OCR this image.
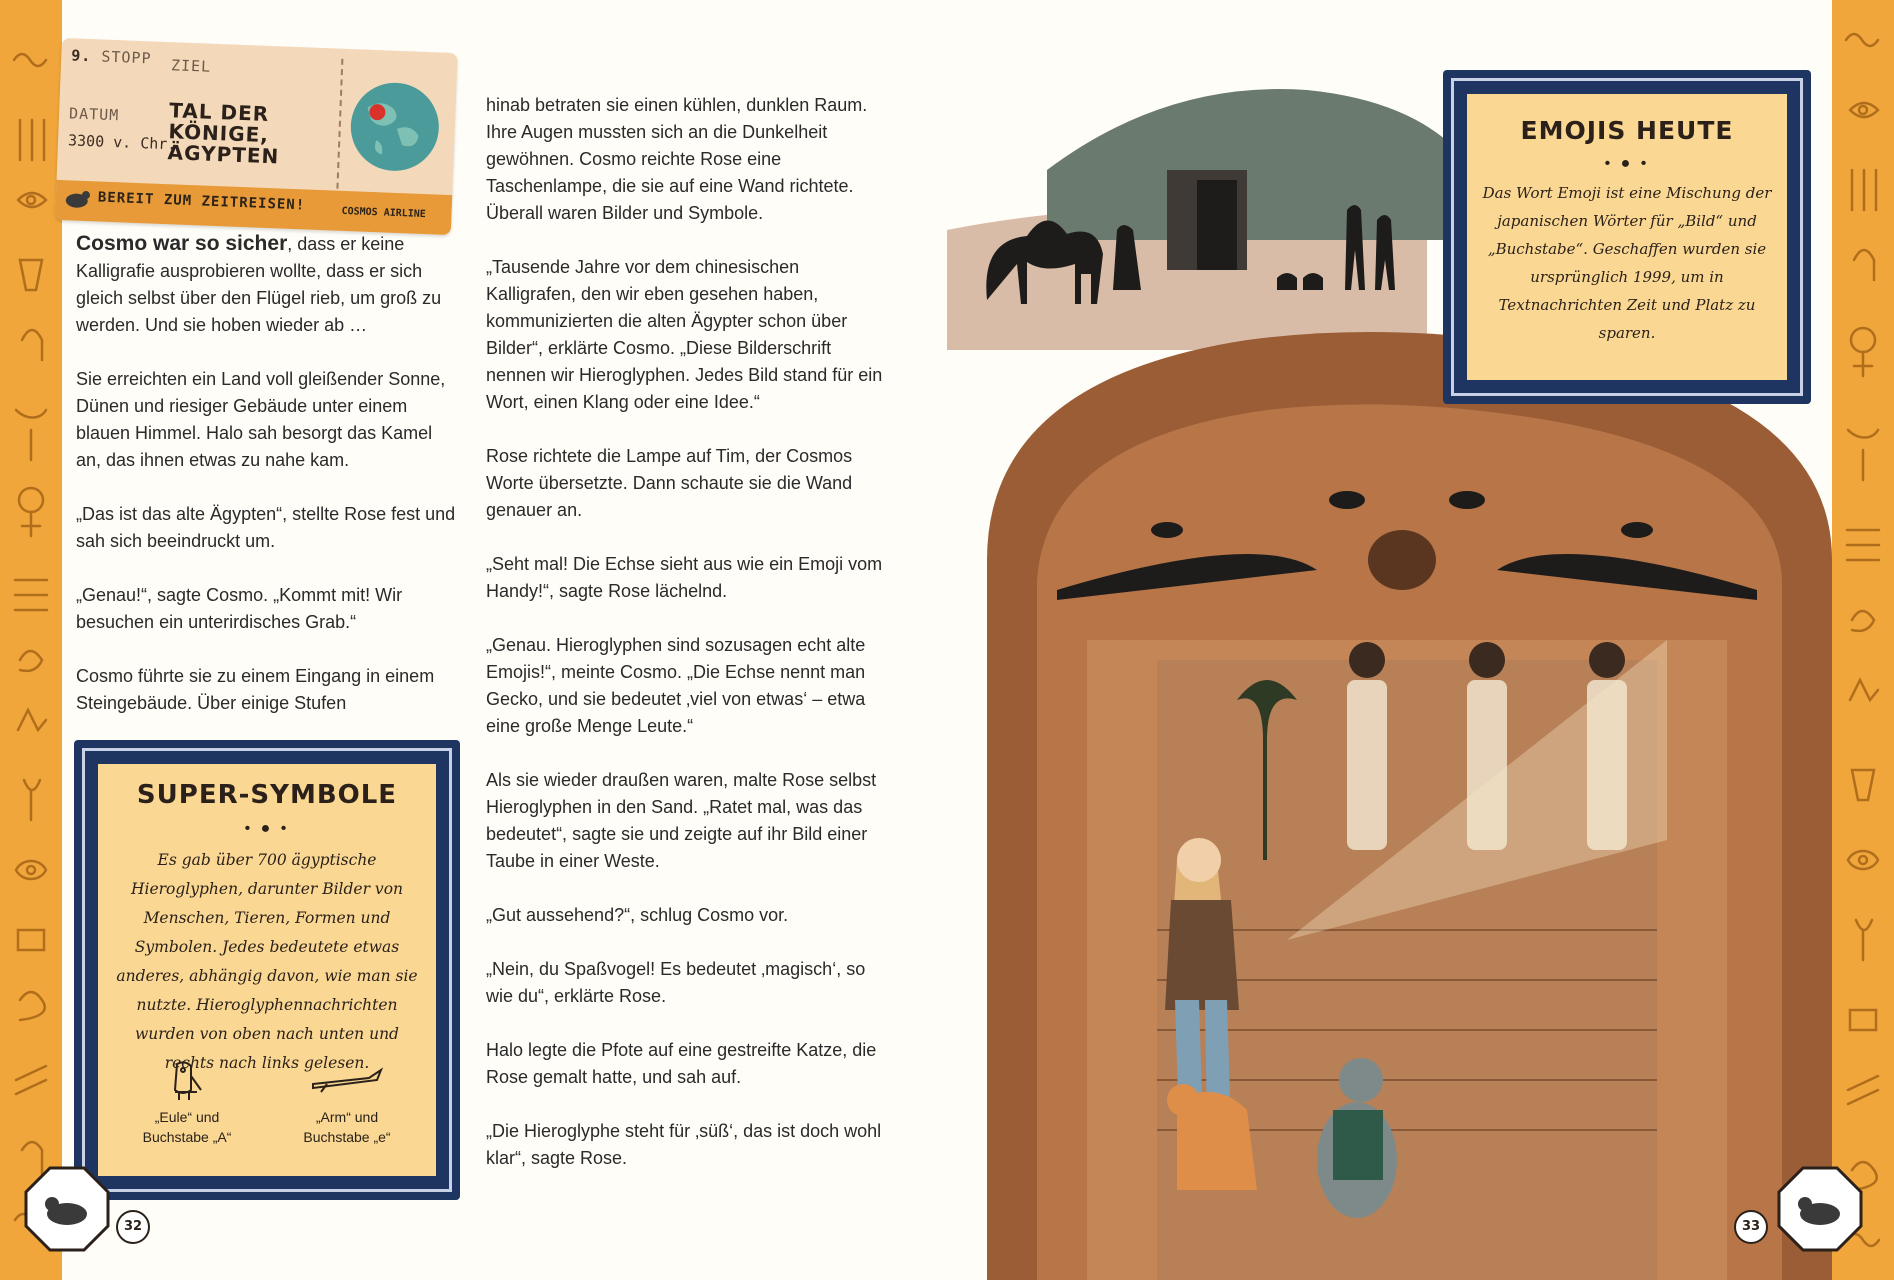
9. STOPP ZIEL
DATUM
3300 v. Chr.
TAL DER
KÖNIGE,
ÄGYPTEN
BEREIT ZUM ZEITREISEN!	COSMOS AIRLINE

Cosmo war so sicher, dass er keine Kalligrafie ausprobieren wollte, dass er sich gleich selbst über den Flügel rieb, um groß zu werden. Und sie hoben wieder ab …

Sie erreichten ein Land voll gleißender Sonne, Dünen und riesiger Gebäude unter einem blauen Himmel. Halo sah besorgt das Kamel an, das ihnen etwas zu nahe kam.

„Das ist das alte Ägypten“, stellte Rose fest und sah sich beeindruckt um.

„Genau!“, sagte Cosmo. „Kommt mit! Wir besuchen ein unterirdisches Grab.“

Cosmo führte sie zu einem Eingang in einem Steingebäude. Über einige Stufen

SUPER-SYMBOLE
• ● •
Es gab über 700 ägyptische Hieroglyphen, darunter Bilder von Menschen, Tieren, Formen und Symbolen. Jedes bedeutete etwas anderes, abhängig davon, wie man sie nutzte. Hieroglyphennachrichten wurden von oben nach unten und rechts nach links gelesen.
„Eule“ und
Buchstabe „A“
„Arm“ und
Buchstabe „e“

hinab betraten sie einen kühlen, dunklen Raum. Ihre Augen mussten sich an die Dunkelheit gewöhnen. Cosmo reichte Rose eine Taschenlampe, die sie auf eine Wand richtete. Überall waren Bilder und Symbole.

„Tausende Jahre vor dem chinesischen Kalligrafen, den wir eben gesehen haben, kommunizierten die alten Ägypter schon über Bilder“, erklärte Cosmo. „Diese Bilderschrift nennen wir Hieroglyphen. Jedes Bild stand für ein Wort, einen Klang oder eine Idee.“

Rose richtete die Lampe auf Tim, der Cosmos Worte übersetzte. Dann schaute sie die Wand genauer an.

„Seht mal! Die Echse sieht aus wie ein Emoji vom Handy!“, sagte Rose lächelnd.

„Genau. Hieroglyphen sind sozusagen echt alte Emojis!“, meinte Cosmo. „Die Echse nennt man Gecko, und sie bedeutet ‚viel von etwas‘ – etwa eine große Menge Leute.“

Als sie wieder draußen waren, malte Rose selbst Hieroglyphen in den Sand. „Ratet mal, was das bedeutet“, sagte sie und zeigte auf ihr Bild einer Taube in einer Weste.

„Gut aussehend?“, schlug Cosmo vor.

„Nein, du Spaßvogel! Es bedeutet ‚magisch‘, so wie du“, erklärte Rose.

Halo legte die Pfote auf eine gestreifte Katze, die Rose gemalt hatte, und sah auf.

„Die Hieroglyphe steht für ‚süß‘, das ist doch wohl klar“, sagte Rose.

32
EMOJIS HEUTE
• ● •
Das Wort Emoji ist eine Mischung der japanischen Wörter für „Bild“ und „Buchstabe“. Geschaffen wurden sie ursprünglich 1999, um in Textnachrichten Zeit und Platz zu sparen.
33
